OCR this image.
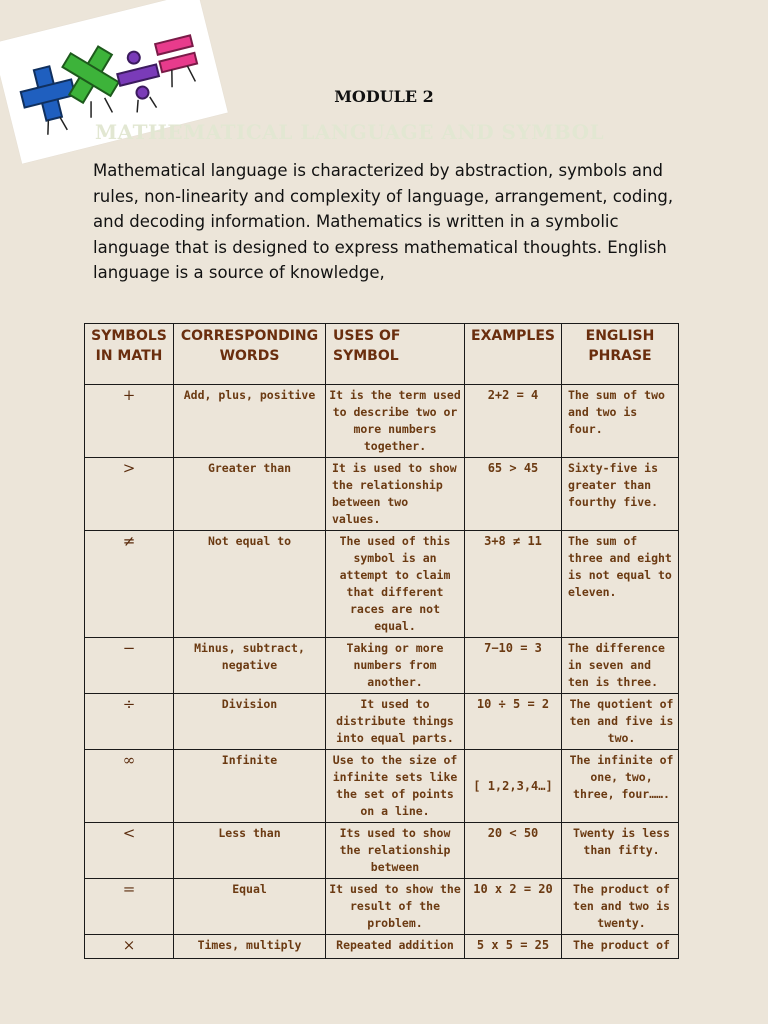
MODULE 2
MATHEMATICAL LANGUAGE AND SYMBOL

Mathematical language is characterized by abstraction, symbols and rules, non-linearity and complexity of language, arrangement, coding, and decoding information. Mathematics is written in a symbolic language that is designed to express mathematical thoughts. English language is a source of knowledge,

SYMBOLS IN MATH	CORRESPONDING WORDS	USES OF SYMBOL	EXAMPLES	ENGLISH PHRASE
+	Add, plus, positive	It is the term used to describe two or more numbers together.	2+2 = 4	The sum of two and two is four.
>	Greater than	It is used to show the relationship between two values.	65 > 45	Sixty-five is greater than fourthy five.
≠	Not equal to	The used of this symbol is an attempt to claim that different races are not equal.	3+8 ≠ 11	The sum of three and eight is not equal to eleven.
−	Minus, subtract, negative	Taking or more numbers from another.	7−10 = 3	The difference in seven and ten is three.
÷	Division	It used to distribute things into equal parts.	10 ÷ 5 = 2	The quotient of ten and five is two.
∞	Infinite	Use to the size of infinite sets like the set of points on a line.	[ 1,2,3,4…]	The infinite of one, two, three, four…….
<	Less than	Its used to show the relationship between	20 < 50	Twenty is less than fifty.
=	Equal	It used to show the result of the problem.	10 x 2 = 20	The product of ten and two is twenty.
×	Times, multiply	Repeated addition	5 x 5 = 25	The product of
